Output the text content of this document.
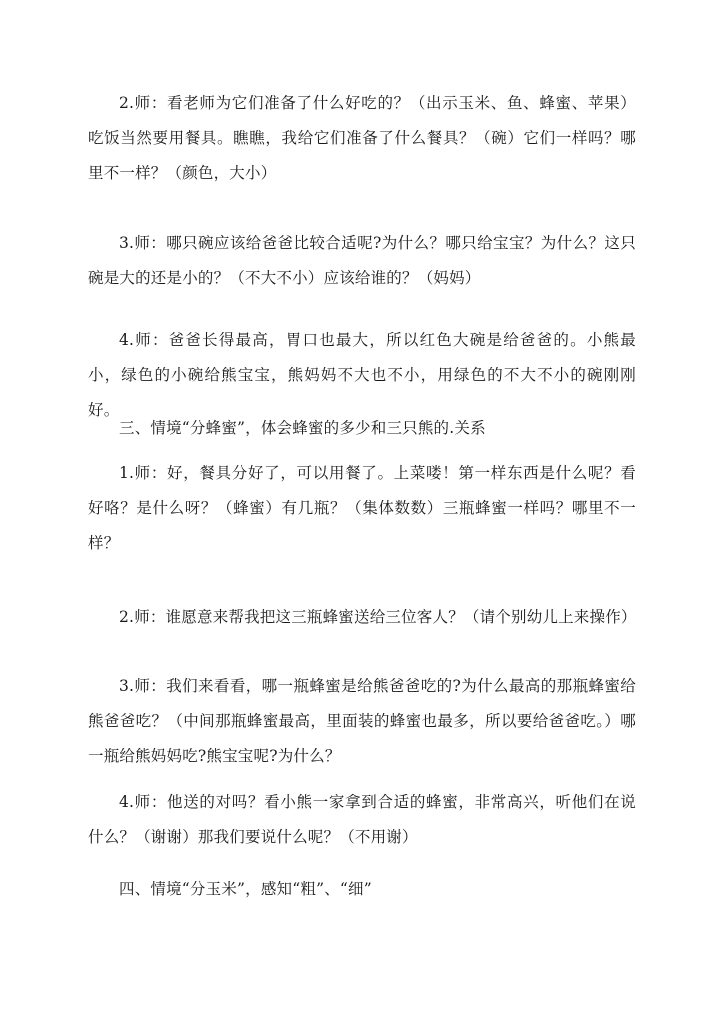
2.师：看老师为它们准备了什么好吃的？（出示玉米、鱼、蜂蜜、苹果）吃饭当然要用餐具。瞧瞧，我给它们准备了什么餐具？（碗）它们一样吗？哪里不一样？（颜色，大小）

3.师：哪只碗应该给爸爸比较合适呢?为什么？哪只给宝宝？为什么？这只碗是大的还是小的？（不大不小）应该给谁的？（妈妈）

4.师：爸爸长得最高，胃口也最大，所以红色大碗是给爸爸的。小熊最小，绿色的小碗给熊宝宝，熊妈妈不大也不小，用绿色的不大不小的碗刚刚好。

三、情境“分蜂蜜”，体会蜂蜜的多少和三只熊的.关系

1.师：好，餐具分好了，可以用餐了。上菜喽！第一样东西是什么呢？看好咯？是什么呀？（蜂蜜）有几瓶？（集体数数）三瓶蜂蜜一样吗？哪里不一样？

2.师：谁愿意来帮我把这三瓶蜂蜜送给三位客人？（请个别幼儿上来操作）

3.师：我们来看看，哪一瓶蜂蜜是给熊爸爸吃的?为什么最高的那瓶蜂蜜给熊爸爸吃？（中间那瓶蜂蜜最高，里面装的蜂蜜也最多，所以要给爸爸吃。）哪一瓶给熊妈妈吃?熊宝宝呢?为什么？

4.师：他送的对吗？看小熊一家拿到合适的蜂蜜，非常高兴，听他们在说什么？（谢谢）那我们要说什么呢？（不用谢）

四、情境“分玉米”，感知“粗”、“细”
